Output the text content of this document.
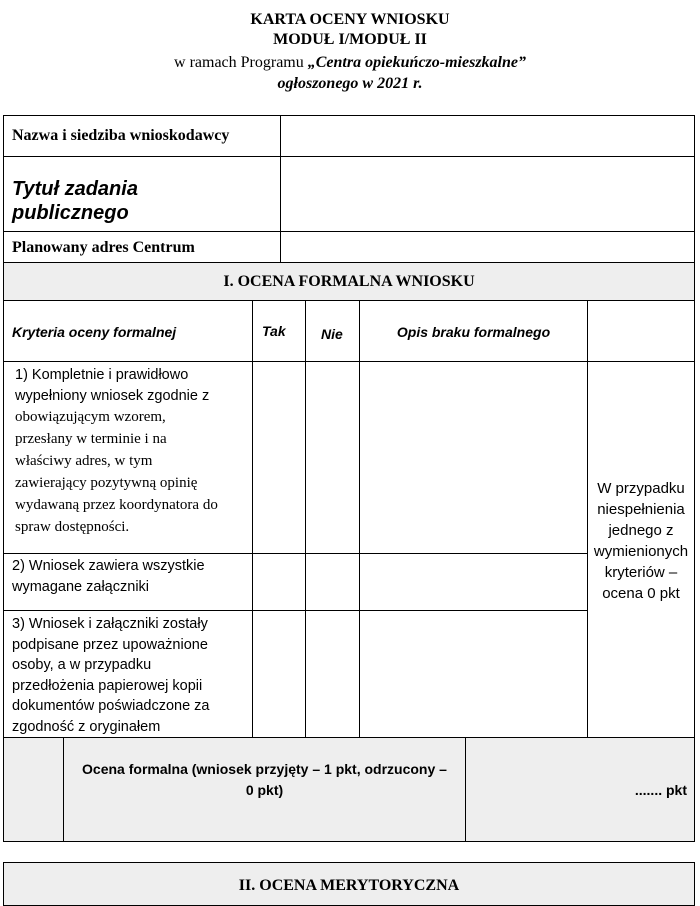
KARTA OCENY WNIOSKU
MODUŁ I/MODUŁ II
w ramach Programu „Centra opiekuńczo-mieszkalne”
ogłoszonego w 2021 r.
Nazwa i siedziba wnioskodawcy
Tytuł zadania
publicznego
Planowany adres Centrum
I. OCENA FORMALNA WNIOSKU
Kryteria oceny formalnej	Tak	Nie	Opis braku formalnego
1) Kompletnie i prawidłowo
wypełniony wniosek zgodnie z
obowiązującym wzorem,
przesłany w terminie i na
właściwy adres, w tym
zawierający pozytywną opinię
wydawaną przez koordynatora do
spraw dostępności.
2) Wniosek zawiera wszystkie
wymagane załączniki
3) Wniosek i załączniki zostały
podpisane przez upoważnione
osoby, a w przypadku
przedłożenia papierowej kopii
dokumentów poświadczone za
zgodność z oryginałem
W przypadku
niespełnienia
jednego z
wymienionych
kryteriów –
ocena 0 pkt
Ocena formalna (wniosek przyjęty – 1 pkt, odrzucony –
0 pkt)	....... pkt
II. OCENA MERYTORYCZNA
